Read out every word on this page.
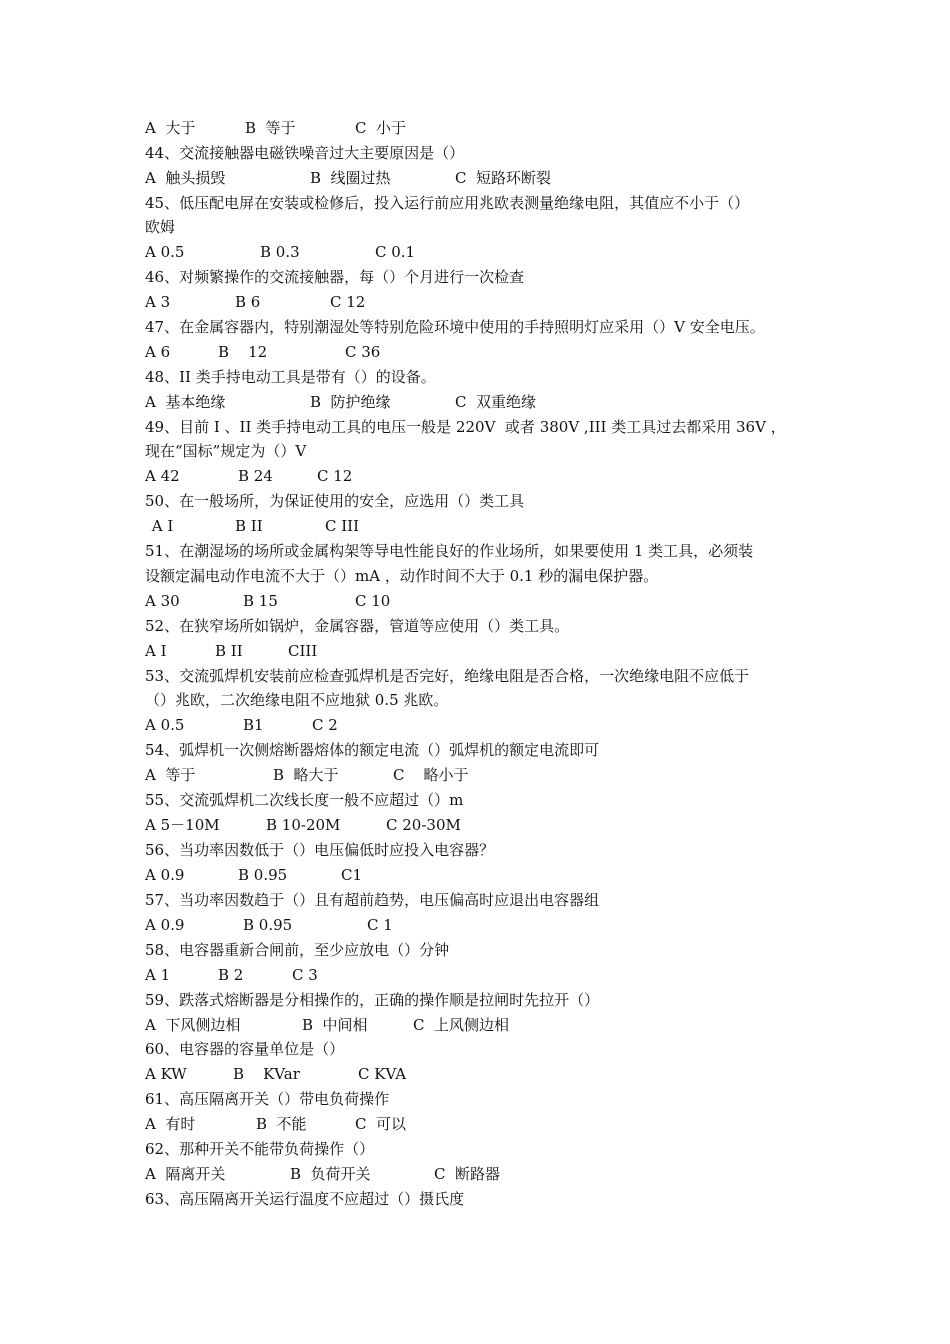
A  大于	B  等于	C  小于
44、交流接触器电磁铁噪音过大主要原因是（）
A  触头损毁	B  线圈过热	C  短路环断裂
45、低压配电屏在安装或检修后，投入运行前应用兆欧表测量绝缘电阻，其值应不小于（）
欧姆
A 0.5	B 0.3	C 0.1
46、对频繁操作的交流接触器，每（）个月进行一次检查
A 3	B 6	C 12
47、在金属容器内，特别潮湿处等特别危险环境中使用的手持照明灯应采用（）V 安全电压。
A 6	B    12	C 36
48、II 类手持电动工具是带有（）的设备。
A  基本绝缘	B  防护绝缘	C  双重绝缘
49、目前 I 、II 类手持电动工具的电压一般是 220V  或者 380V ,III 类工具过去都采用 36V ，
现在“国标”规定为（）V
A 42	B 24	C 12
50、在一般场所，为保证使用的安全，应选用（）类工具
A I	B II	C III
51、在潮湿场的场所或金属构架等导电性能良好的作业场所，如果要使用 1 类工具，必须装
设额定漏电动作电流不大于（）mA ，动作时间不大于 0.1 秒的漏电保护器。
A 30	B 15	C 10
52、在狭窄场所如锅炉，金属容器，管道等应使用（）类工具。
A I	B II	CIII
53、交流弧焊机安装前应检查弧焊机是否完好，绝缘电阻是否合格，一次绝缘电阻不应低于
（）兆欧，二次绝缘电阻不应地狱 0.5 兆欧。
A 0.5	B1	C 2
54、弧焊机一次侧熔断器熔体的额定电流（）弧焊机的额定电流即可
A  等于	B  略大于	C    略小于
55、交流弧焊机二次线长度一般不应超过（）m
A 5－10M	B 10-20M	C 20-30M
56、当功率因数低于（）电压偏低时应投入电容器？
A 0.9	B 0.95	C1
57、当功率因数趋于（）且有超前趋势，电压偏高时应退出电容器组
A 0.9	B 0.95	C 1
58、电容器重新合闸前，至少应放电（）分钟
A 1	B 2	C 3
59、跌落式熔断器是分相操作的，正确的操作顺是拉闸时先拉开（）
A  下风侧边相	B  中间相	C  上风侧边相
60、电容器的容量单位是（）
A KW	B    KVar	C KVA
61、高压隔离开关（）带电负荷操作
A  有时	B  不能	C  可以
62、那种开关不能带负荷操作（）
A  隔离开关	B  负荷开关	C  断路器
63、高压隔离开关运行温度不应超过（）摄氏度
